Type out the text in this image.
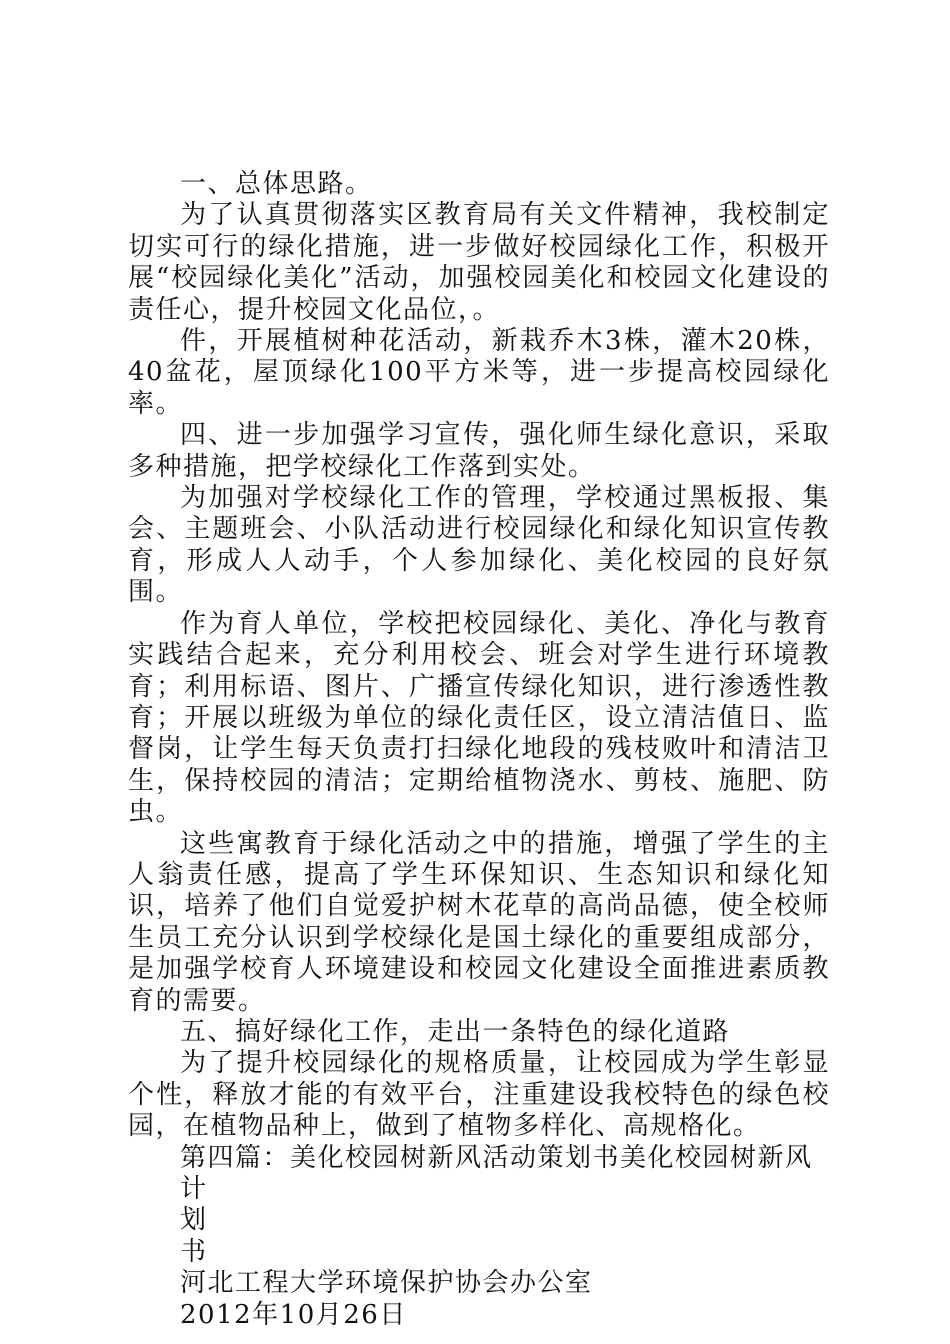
一、总体思路。

为了认真贯彻落实区教育局有关文件精神，我校制定切实可行的绿化措施，进一步做好校园绿化工作，积极开展“校园绿化美化”活动，加强校园美化和校园文化建设的责任心，提升校园文化品位，。

件，开展植树种花活动，新栽乔木3株，灌木20株，40盆花，屋顶绿化100平方米等，进一步提高校园绿化率。

四、进一步加强学习宣传，强化师生绿化意识，采取多种措施，把学校绿化工作落到实处。

为加强对学校绿化工作的管理，学校通过黑板报、集会、主题班会、小队活动进行校园绿化和绿化知识宣传教育，形成人人动手，个人参加绿化、美化校园的良好氛围。

作为育人单位，学校把校园绿化、美化、净化与教育实践结合起来，充分利用校会、班会对学生进行环境教育；利用标语、图片、广播宣传绿化知识，进行渗透性教育；开展以班级为单位的绿化责任区，设立清洁值日、监督岗，让学生每天负责打扫绿化地段的残枝败叶和清洁卫生，保持校园的清洁；定期给植物浇水、剪枝、施肥、防虫。

这些寓教育于绿化活动之中的措施，增强了学生的主人翁责任感，提高了学生环保知识、生态知识和绿化知识，培养了他们自觉爱护树木花草的高尚品德，使全校师生员工充分认识到学校绿化是国土绿化的重要组成部分，是加强学校育人环境建设和校园文化建设全面推进素质教育的需要。

五、搞好绿化工作，走出一条特色的绿化道路

为了提升校园绿化的规格质量，让校园成为学生彰显个性，释放才能的有效平台，注重建设我校特色的绿色校园，在植物品种上，做到了植物多样化、高规格化。

第四篇：美化校园树新风活动策划书美化校园树新风

计

划

书

河北工程大学环境保护协会办公室

2012年10月26日
